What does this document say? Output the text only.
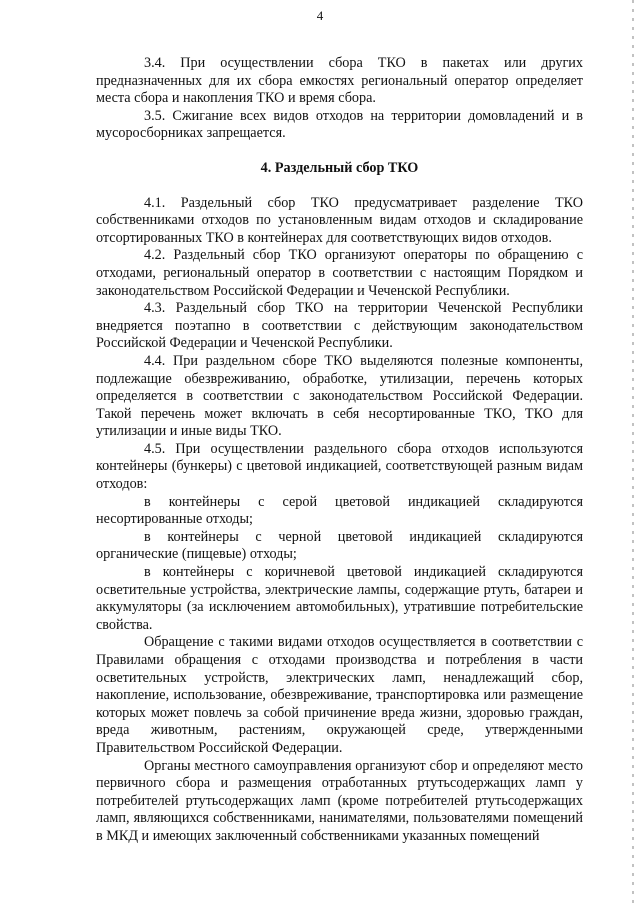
4

3.4. При осуществлении сбора ТКО в пакетах или других предназначенных для их сбора емкостях региональный оператор определяет места сбора и накопления ТКО и время сбора.

3.5. Сжигание всех видов отходов на территории домовладений и в мусоросборниках запрещается.

4. Раздельный сбор ТКО

4.1. Раздельный сбор ТКО предусматривает разделение ТКО собственниками отходов по установленным видам отходов и складирование отсортированных ТКО в контейнерах для соответствующих видов отходов.

4.2. Раздельный сбор ТКО организуют операторы по обращению с отходами, региональный оператор в соответствии с настоящим Порядком и законодательством Российской Федерации и Чеченской Республики.

4.3. Раздельный сбор ТКО на территории Чеченской Республики внедряется поэтапно в соответствии с действующим законодательством Российской Федерации и Чеченской Республики.

4.4. При раздельном сборе ТКО выделяются полезные компоненты, подлежащие обезвреживанию, обработке, утилизации, перечень которых определяется в соответствии с законодательством Российской Федерации. Такой перечень может включать в себя несортированные ТКО, ТКО для утилизации и иные виды ТКО.

4.5. При осуществлении раздельного сбора отходов используются контейнеры (бункеры) с цветовой индикацией, соответствующей разным видам отходов:

в контейнеры с серой цветовой индикацией складируются несортированные отходы;

в контейнеры с черной цветовой индикацией складируются органические (пищевые) отходы;

в контейнеры с коричневой цветовой индикацией складируются осветительные устройства, электрические лампы, содержащие ртуть, батареи и аккумуляторы (за исключением автомобильных), утратившие потребительские свойства.

Обращение с такими видами отходов осуществляется в соответствии с Правилами обращения с отходами производства и потребления в части осветительных устройств, электрических ламп, ненадлежащий сбор, накопление, использование, обезвреживание, транспортировка или размещение которых может повлечь за собой причинение вреда жизни, здоровью граждан, вреда животным, растениям, окружающей среде, утвержденными Правительством Российской Федерации.

Органы местного самоуправления организуют сбор и определяют место первичного сбора и размещения отработанных ртутьсодержащих ламп у потребителей ртутьсодержащих ламп (кроме потребителей ртутьсодержащих ламп, являющихся собственниками, нанимателями, пользователями помещений в МКД и имеющих заключенный собственниками указанных помещений
